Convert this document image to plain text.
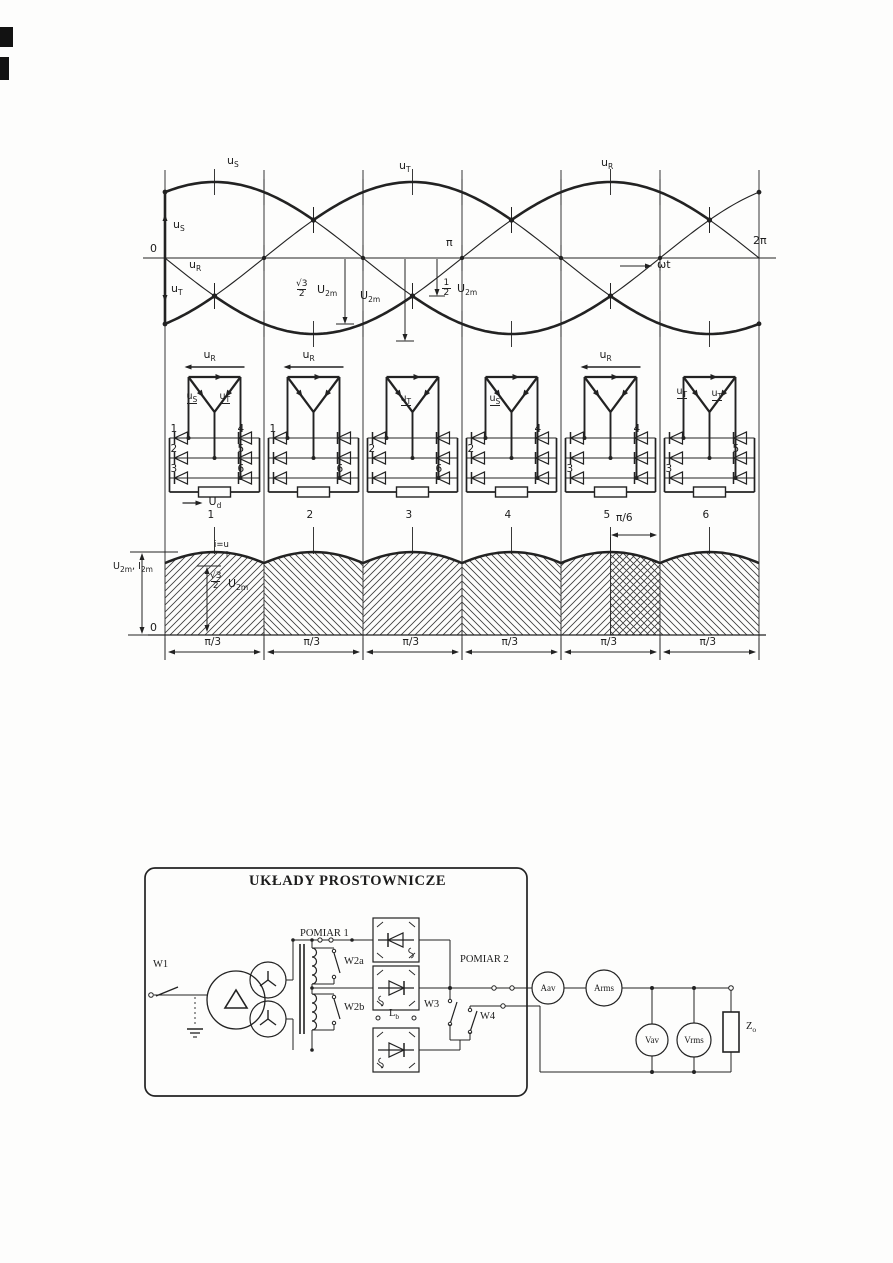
$u_S$	$u_T$
$u_R$
$u_S$
$u_R$
$u_T$
0	π	2π
ωt
$\frac{√3}{2} U_{2m}$ $U_{2m}$
$\frac{1}{2} U_{2m}$
$u_R$
1
π/3
$u_R$
2
π/3
3
π/3
4
π/3
$u_R$
5
π/3
6
π/3
$u_S$ $u_T$	$u_T$	$u_S$
$u_T$	$u_T$
$U_d$
1
2
3
4
5
6
1
6
2
6
2
4
3
4
3
5
i=u
$U_{2m}$, $I_{2m}$
$\frac{√3}{2} U_{2m}$
0
π/6
UKŁADY PROSTOWNICZE
POMIAR 1
POMIAR 2
W1	W2a
W2b	W3
W4
$L_b$
$Z_o$
Aav	Arms
Vav	Vrms
